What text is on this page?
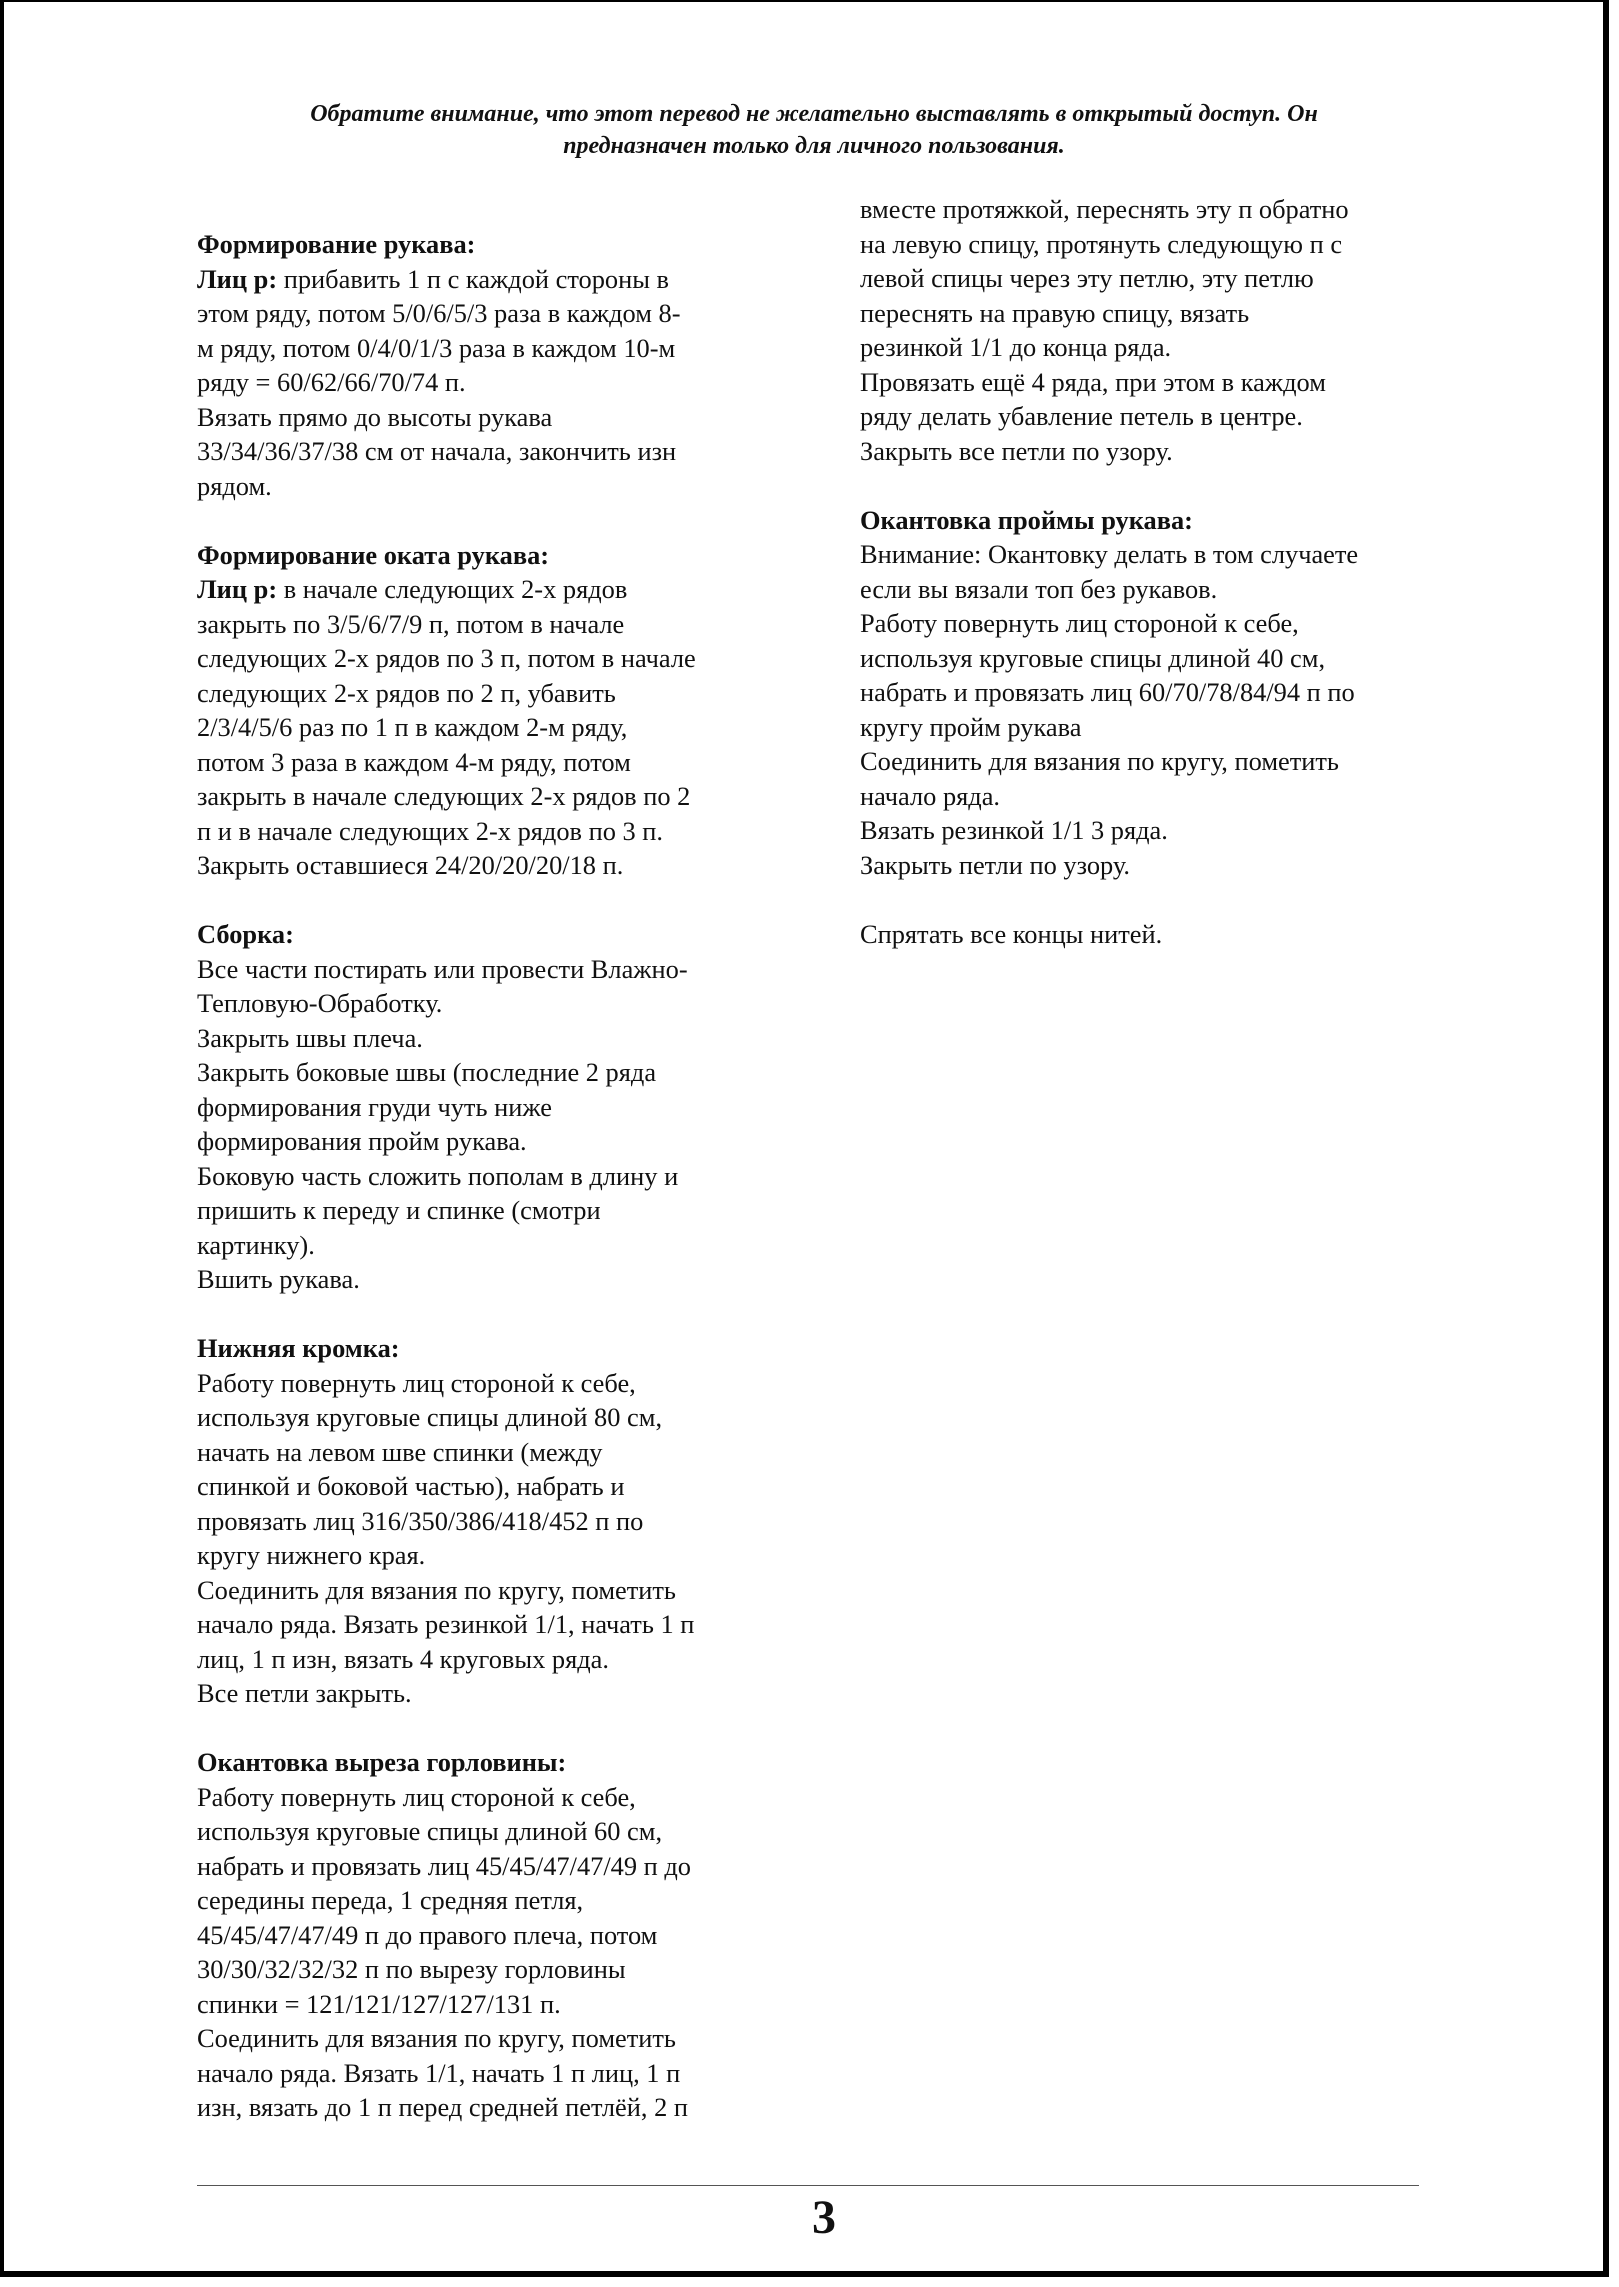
Обратите внимание, что этот перевод не желательно выставлять в открытый доступ. Он
предназначен только для личного пользования.
Формирование рукава:
Лиц р: прибавить 1 п с каждой стороны в
этом ряду, потом 5/0/6/5/3 раза в каждом 8-
м ряду, потом 0/4/0/1/3 раза в каждом 10-м
ряду = 60/62/66/70/74 п.
Вязать прямо до высоты рукава
33/34/36/37/38 см от начала, закончить изн
рядом.
Формирование оката рукава:
Лиц р: в начале следующих 2-х рядов
закрыть по 3/5/6/7/9 п, потом в начале
следующих 2-х рядов по 3 п, потом в начале
следующих 2-х рядов по 2 п, убавить
2/3/4/5/6 раз по 1 п в каждом 2-м ряду,
потом 3 раза в каждом 4-м ряду, потом
закрыть в начале следующих 2-х рядов по 2
п и в начале следующих 2-х рядов по 3 п.
Закрыть оставшиеся 24/20/20/20/18 п.
Сборка:
Все части постирать или провести Влажно-
Тепловую-Обработку.
Закрыть швы плеча.
Закрыть боковые швы (последние 2 ряда
формирования груди чуть ниже
формирования пройм рукава.
Боковую часть сложить пополам в длину и
пришить к переду и спинке (смотри
картинку).
Вшить рукава.
Нижняя кромка:
Работу повернуть лиц стороной к себе,
используя круговые спицы длиной 80 см,
начать на левом шве спинки (между
спинкой и боковой частью), набрать и
провязать лиц 316/350/386/418/452 п по
кругу нижнего края.
Соединить для вязания по кругу, пометить
начало ряда. Вязать резинкой 1/1, начать 1 п
лиц, 1 п изн, вязать 4 круговых ряда.
Все петли закрыть.
Окантовка выреза горловины:
Работу повернуть лиц стороной к себе,
используя круговые спицы длиной 60 см,
набрать и провязать лиц 45/45/47/47/49 п до
середины переда, 1 средняя петля,
45/45/47/47/49 п до правого плеча, потом
30/30/32/32/32 п по вырезу горловины
спинки = 121/121/127/127/131 п.
Соединить для вязания по кругу, пометить
начало ряда. Вязать 1/1, начать 1 п лиц, 1 п
изн, вязать до 1 п перед средней петлёй, 2 п
вместе протяжкой, переснять эту п обратно
на левую спицу, протянуть следующую п с
левой спицы через эту петлю, эту петлю
переснять на правую спицу, вязать
резинкой 1/1 до конца ряда.
Провязать ещё 4 ряда, при этом в каждом
ряду делать убавление петель в центре.
Закрыть все петли по узору.
Окантовка проймы рукава:
Внимание: Окантовку делать в том случаете
если вы вязали топ без рукавов.
Работу повернуть лиц стороной к себе,
используя круговые спицы длиной 40 см,
набрать и провязать лиц 60/70/78/84/94 п по
кругу пройм рукава
Соединить для вязания по кругу, пометить
начало ряда.
Вязать резинкой 1/1 3 ряда.
Закрыть петли по узору.
Спрятать все концы нитей.
3
